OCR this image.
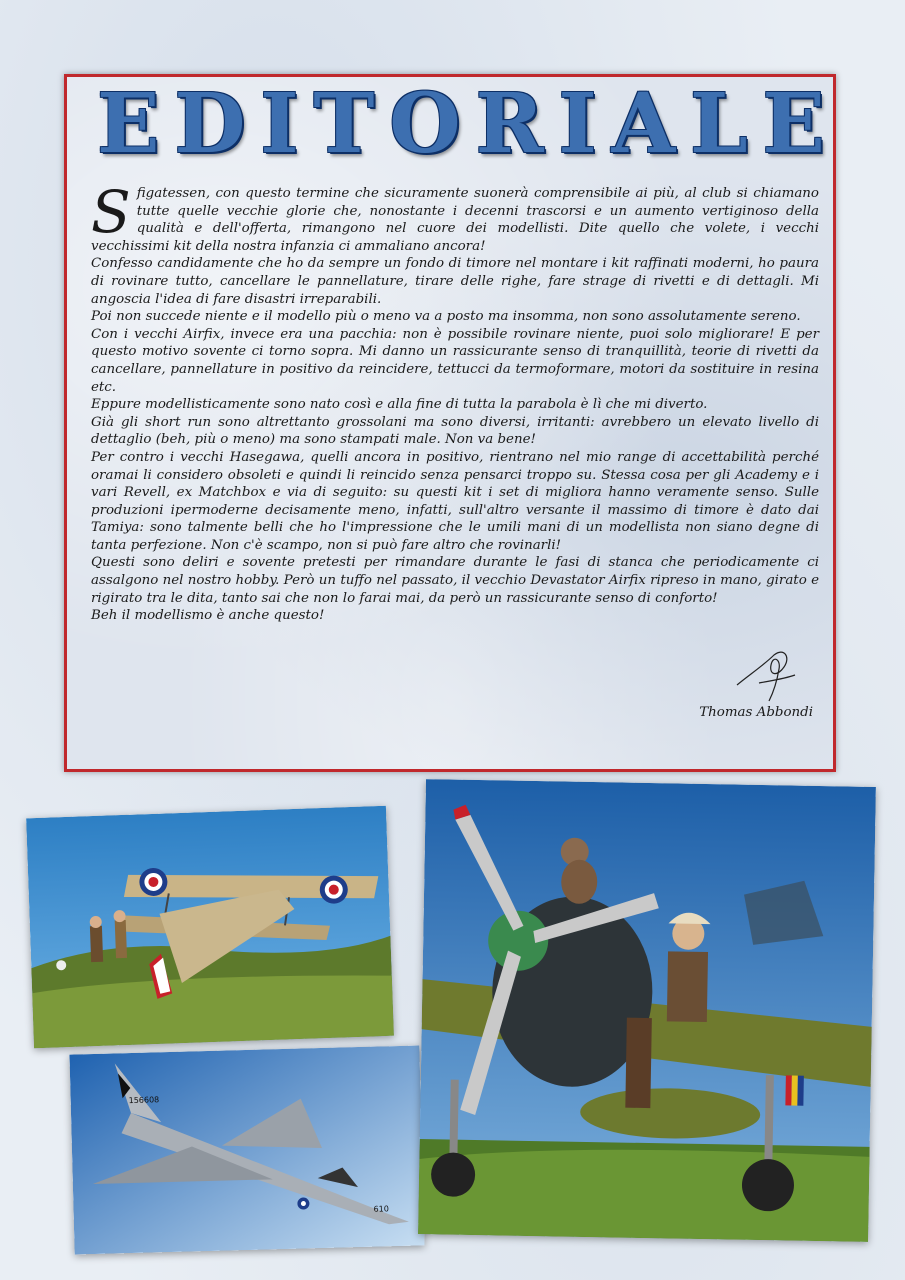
E D I T O R I A L E

Sfigatessen, con questo termine che sicuramente suonerà comprensibile ai più, al club si chiamano tutte quelle vecchie glorie che, nonostante i decenni trascorsi e un aumento vertiginoso della qualità e dell'offerta, rimangono nel cuore dei modellisti. Dite quello che volete, i vecchi vecchissimi kit della nostra infanzia ci ammaliano ancora!

Confesso candidamente che ho da sempre un fondo di timore nel montare i kit raffinati moderni, ho paura di rovinare tutto, cancellare le pannellature, tirare delle righe, fare strage di rivetti e di dettagli. Mi angoscia l'idea di fare disastri irreparabili.

Poi non succede niente e il modello più o meno va a posto ma insomma, non sono assolutamente sereno.

Con i vecchi Airfix, invece era una pacchia: non è possibile rovinare niente, puoi solo migliorare! E per questo motivo sovente ci torno sopra. Mi danno un rassicurante senso di tranquillità, teorie di rivetti da cancellare, pannellature in positivo da reincidere, tettucci da termoformare, motori da sostituire in resina etc.

Eppure modellisticamente sono nato così e alla fine di tutta la parabola è lì che mi diverto.

Già gli short run sono altrettanto grossolani ma sono diversi, irritanti: avrebbero un elevato livello di dettaglio (beh, più o meno) ma sono stampati male. Non va bene!

Per contro i vecchi Hasegawa, quelli ancora in positivo, rientrano nel mio range di accettabilità perché oramai li considero obsoleti e quindi li reincido senza pensarci troppo su. Stessa cosa per gli Academy e i vari Revell, ex Matchbox e via di seguito: su questi kit i set di migliora hanno veramente senso. Sulle produzioni ipermoderne decisamente meno, infatti, sull'altro versante il massimo di timore è dato dai Tamiya: sono talmente belli che ho l'impressione che le umili mani di un modellista non siano degne di tanta perfezione. Non c'è scampo, non si può fare altro che rovinarli!

Questi sono deliri e sovente pretesti per rimandare durante le fasi di stanca che periodicamente ci assalgono nel nostro hobby. Però un tuffo nel passato, il vecchio Devastator Airfix ripreso in mano, girato e rigirato tra le dita, tanto sai che non lo farai mai, da però un rassicurante senso di conforto!

Beh il modellismo è anche questo!

Thomas Abbondi
156608
610
